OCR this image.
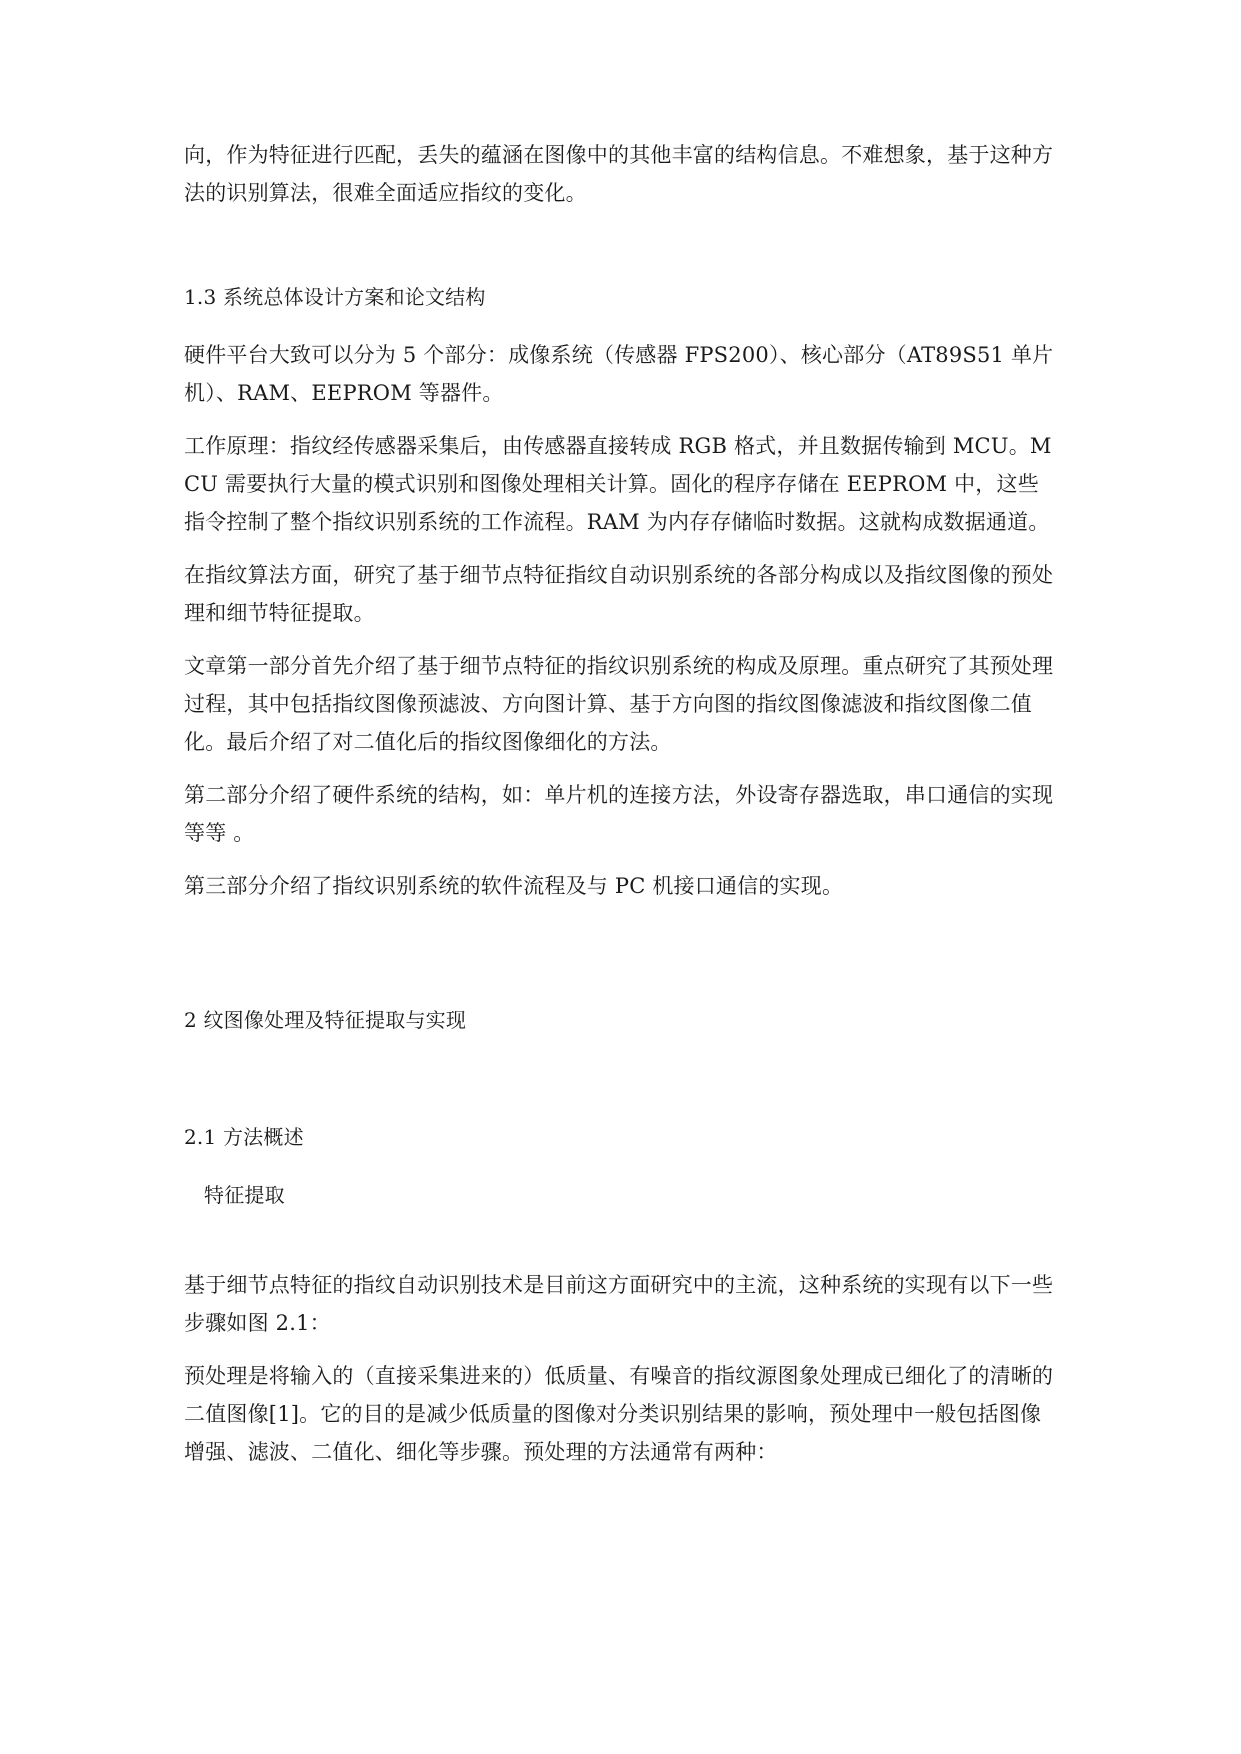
向，作为特征进行匹配，丢失的蕴涵在图像中的其他丰富的结构信息。不难想象，基于这种方法的识别算法，很难全面适应指纹的变化。

1.3 系统总体设计方案和论文结构

硬件平台大致可以分为 5 个部分：成像系统（传感器 FPS200）、核心部分（AT89S51 单片机）、RAM、EEPROM 等器件。

工作原理：指纹经传感器采集后，由传感器直接转成 RGB 格式，并且数据传输到 MCU。MCU 需要执行大量的模式识别和图像处理相关计算。固化的程序存储在 EEPROM 中，这些指令控制了整个指纹识别系统的工作流程。RAM 为内存存储临时数据。这就构成数据通道。

在指纹算法方面，研究了基于细节点特征指纹自动识别系统的各部分构成以及指纹图像的预处理和细节特征提取。

文章第一部分首先介绍了基于细节点特征的指纹识别系统的构成及原理。重点研究了其预处理过程，其中包括指纹图像预滤波、方向图计算、基于方向图的指纹图像滤波和指纹图像二值化。最后介绍了对二值化后的指纹图像细化的方法。

第二部分介绍了硬件系统的结构，如：单片机的连接方法，外设寄存器选取，串口通信的实现等等 。

第三部分介绍了指纹识别系统的软件流程及与 PC 机接口通信的实现。

2 纹图像处理及特征提取与实现

2.1 方法概述

特征提取

基于细节点特征的指纹自动识别技术是目前这方面研究中的主流，这种系统的实现有以下一些步骤如图 2.1：

预处理是将输入的（直接采集进来的）低质量、有噪音的指纹源图象处理成已细化了的清晰的二值图像[1]。它的目的是减少低质量的图像对分类识别结果的影响，预处理中一般包括图像增强、滤波、二值化、细化等步骤。预处理的方法通常有两种：
